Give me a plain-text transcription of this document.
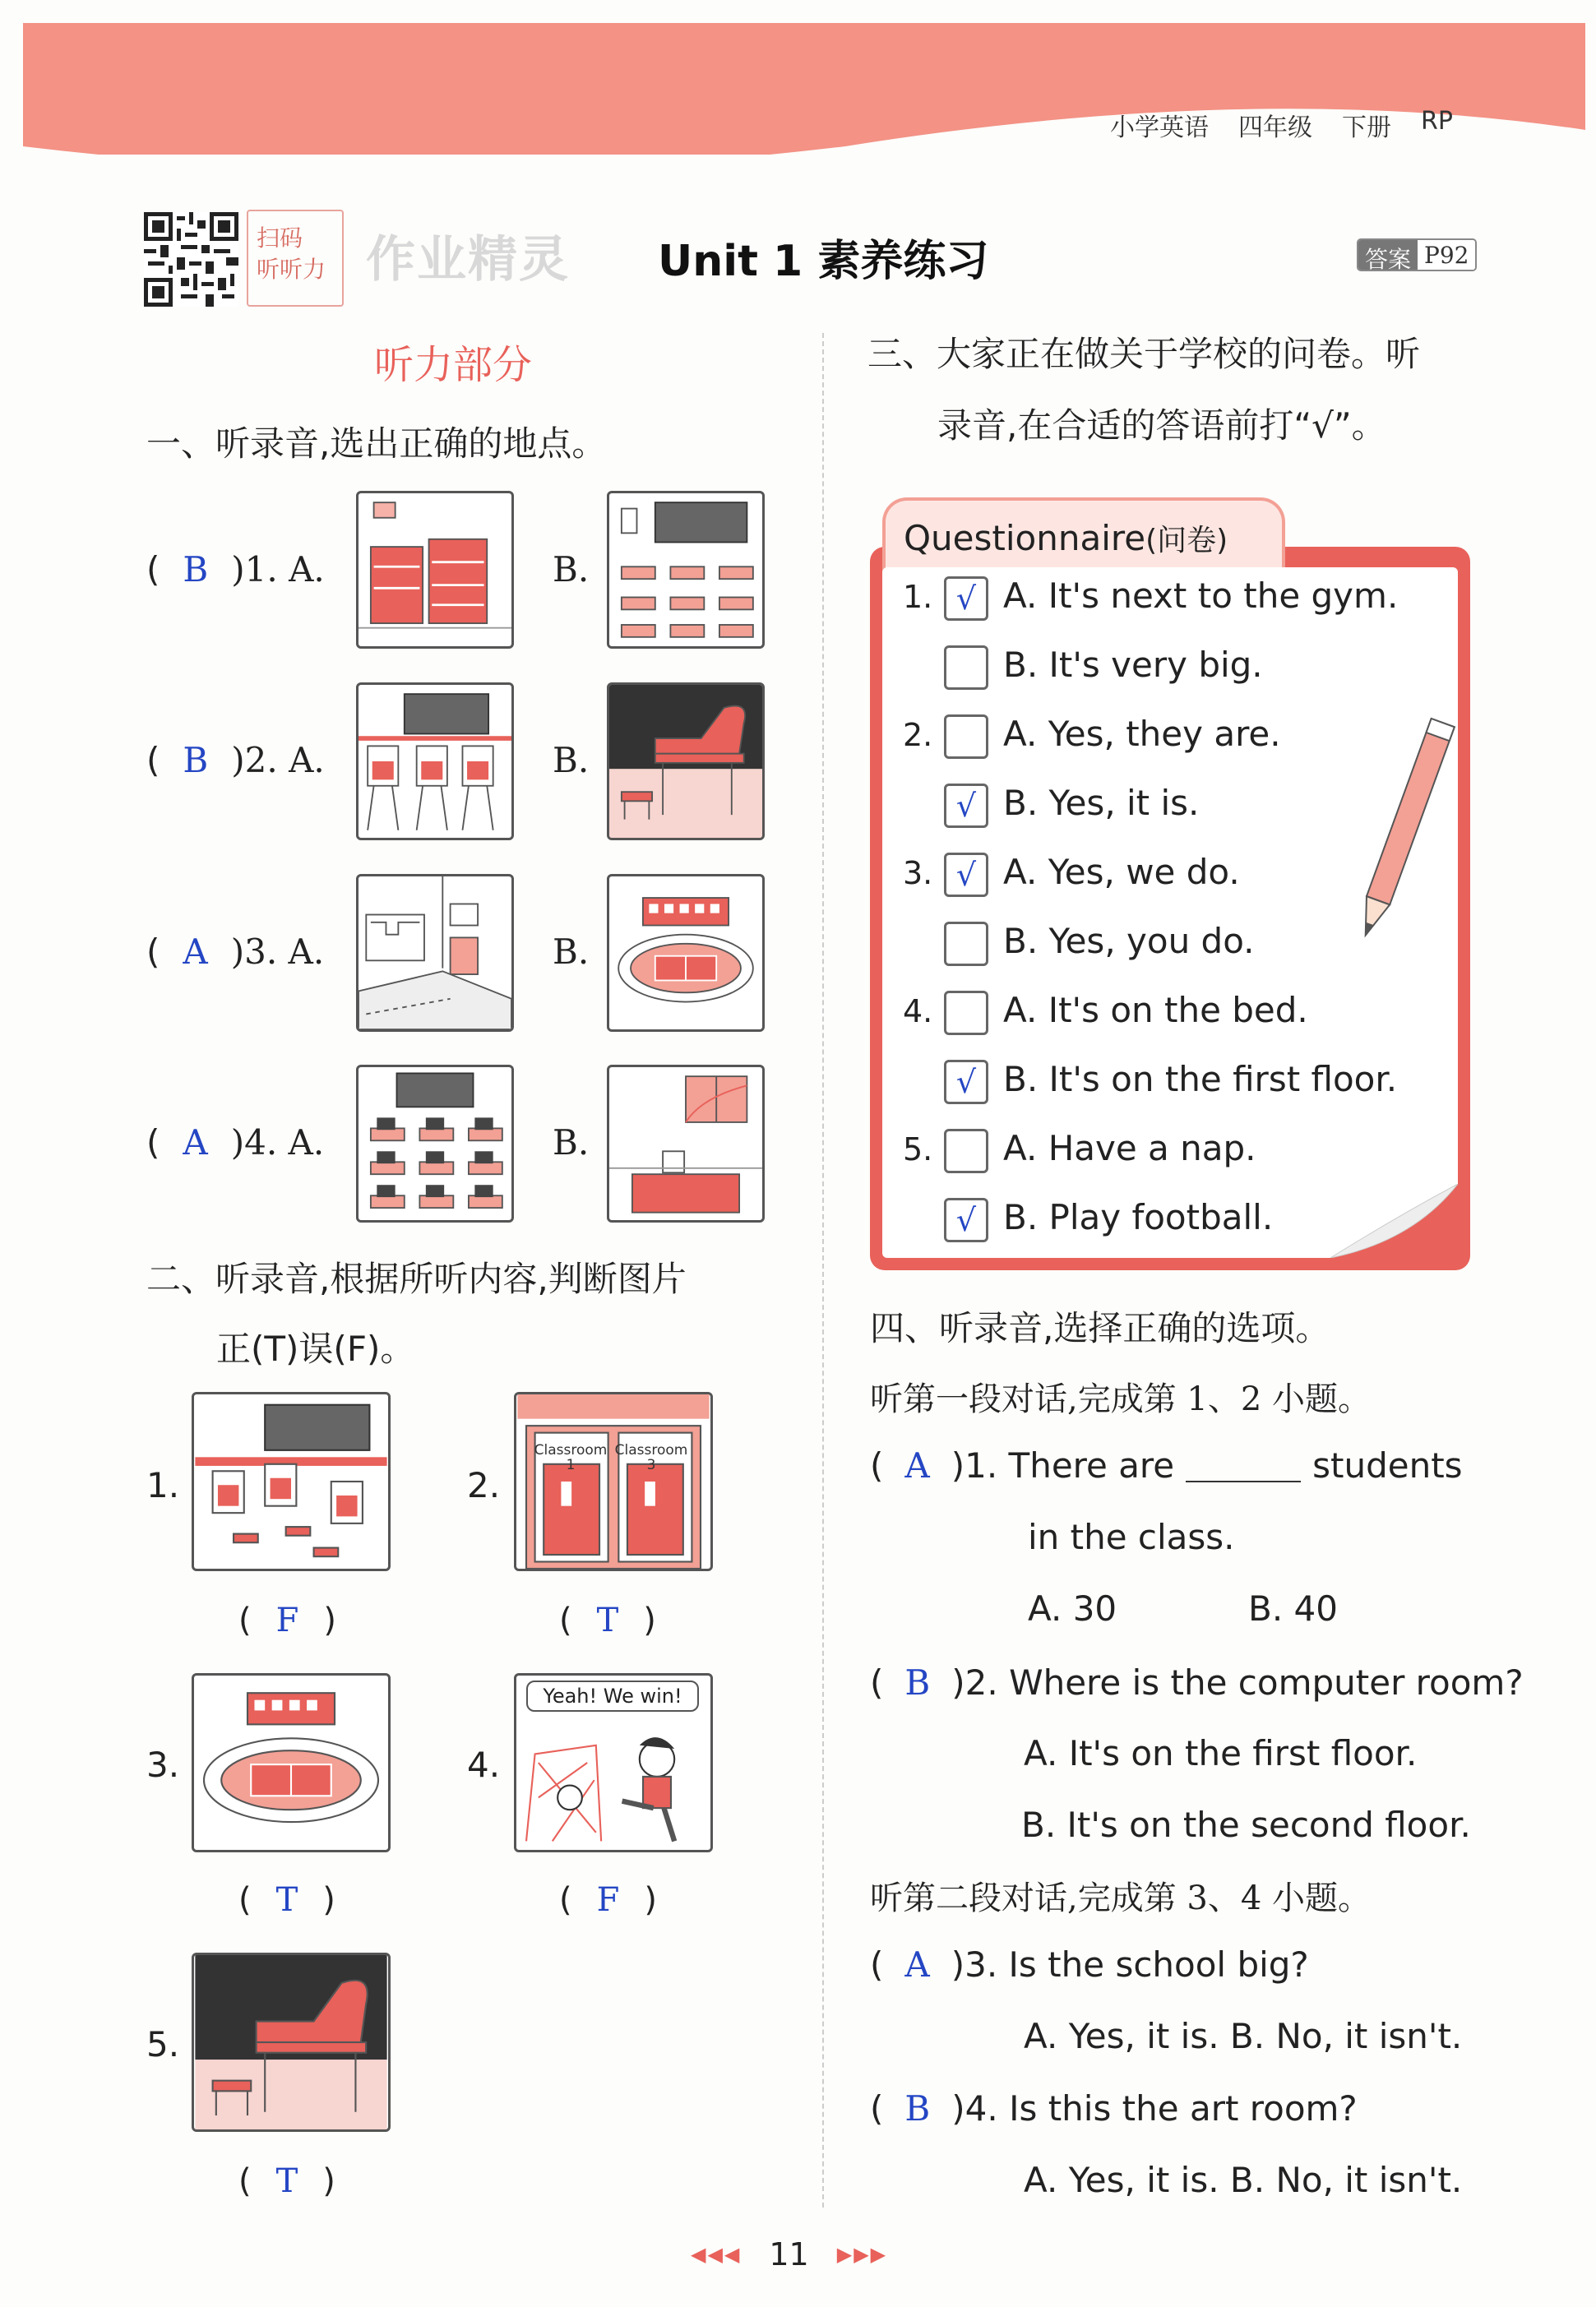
小学英语 四年级 下册 RP
扫码
听听力 作业精灵 Unit 1 素养练习	答案 P92
听力部分
一、听录音,选出正确的地点。
( B )1. A.	B.
( B )2. A.	B.
( A )3. A.	B.
( A )4. A.	B.
二、听录音,根据所听内容,判断图片
正(T)误(F)。
1.
( F )
2.
Classroom
1
Classroom
3
( T )
3.
( T )
4.
Yeah! We win!
( F )
5.
( T )
三、大家正在做关于学校的问卷。听
录音,在合适的答语前打“√”。
Questionnaire(问卷)
1. √ A. It's next to the gym.
B. It's very big.
2. A. Yes, they are.
√ B. Yes, it is.
3. √ A. Yes, we do.
B. Yes, you do.
4. A. It's on the bed.
√ B. It's on the first floor.
5. A. Have a nap.
√ B. Play football.
四、听录音,选择正确的选项。
听第一段对话,完成第 1、2 小题。
( A )1. There are	students
in the class.
A. 30	B. 40
( B )2. Where is the computer room?
A. It's on the first floor.
B. It's on the second floor.
听第二段对话,完成第 3、4 小题。
( A )3. Is the school big?
A. Yes, it is. B. No, it isn't.
( B )4. Is this the art room?
A. Yes, it is. B. No, it isn't.
◀◀◀ 11 ▶▶▶
